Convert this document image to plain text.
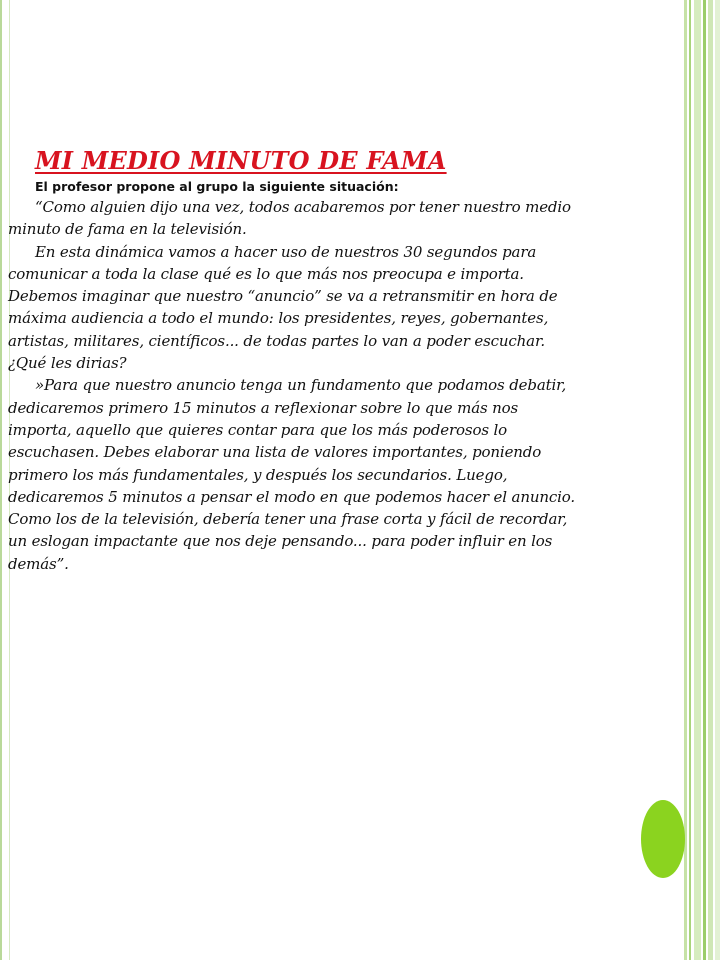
MI MEDIO MINUTO DE FAMA
El profesor propone al grupo la siguiente situación:

“Como alguien dijo una vez, todos acabaremos por tener nuestro medio minuto de fama en la televisión.

En esta dinámica vamos a hacer uso de nuestros 30 segundos para comunicar a toda la clase qué es lo que más nos preocupa e importa. Debemos imaginar que nuestro “anuncio” se va a retransmitir en hora de máxima audiencia a todo el mundo: los presidentes, reyes, gobernantes, artistas, militares, científicos... de todas partes lo van a poder escuchar. ¿Qué les dirias?

»Para que nuestro anuncio tenga un fundamento que podamos debatir, dedicaremos primero 15 minutos a reflexionar sobre lo que más nos importa, aquello que quieres contar para que los más poderosos lo escuchasen. Debes elaborar una lista de valores importantes, poniendo primero los más fundamentales, y después los secundarios. Luego, dedicaremos 5 minutos a pensar el modo en que podemos hacer el anuncio. Como los de la televisión, debería tener una frase corta y fácil de recordar, un eslogan impactante que nos deje pensando... para poder influir en los demás”.
